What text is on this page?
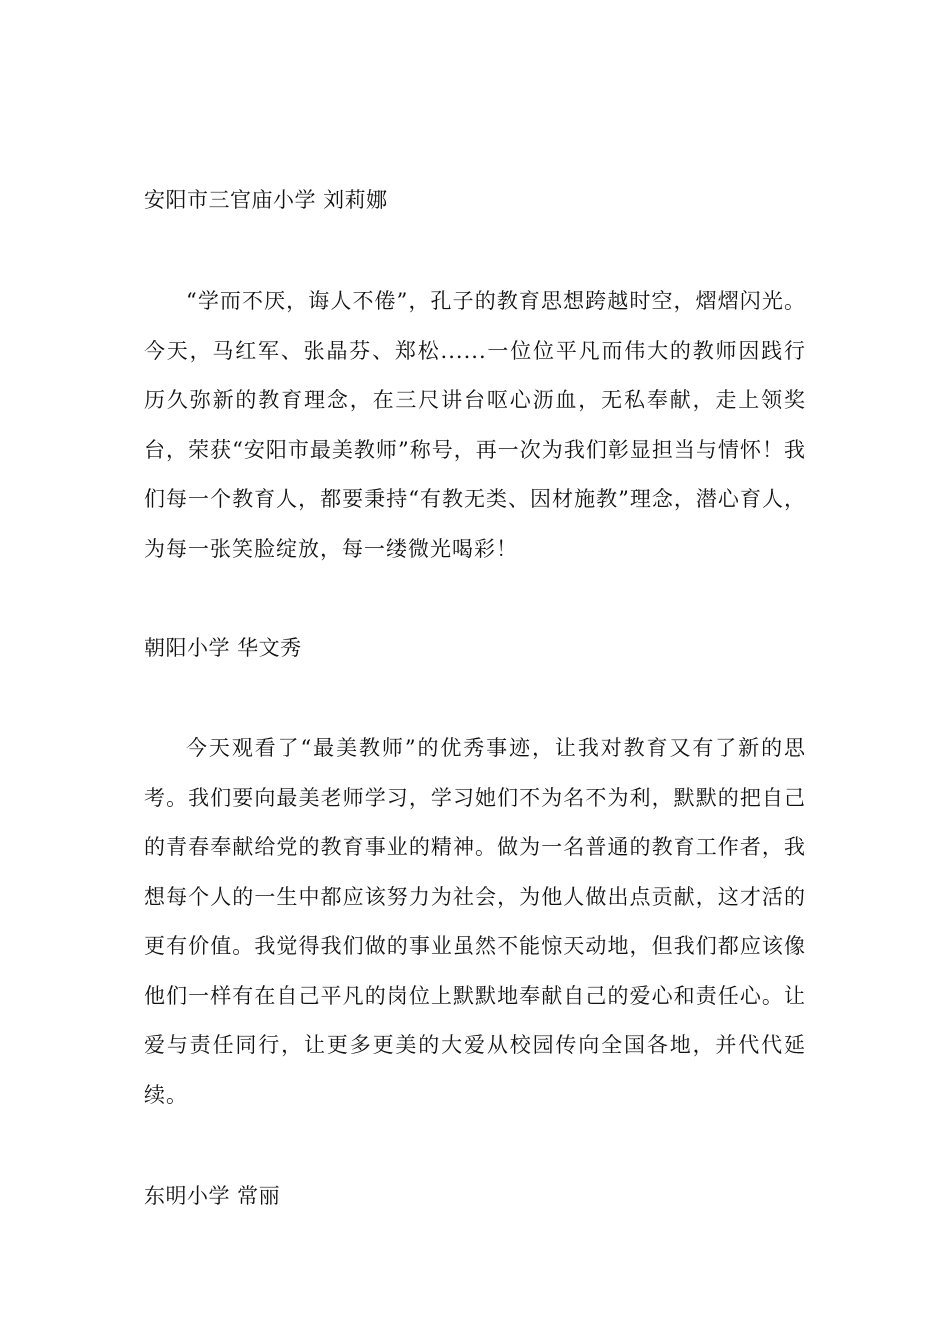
安阳市三官庙小学 刘莉娜

“学而不厌，诲人不倦”，孔子的教育思想跨越时空，熠熠闪光。今天，马红军、张晶芬、郑松......一位位平凡而伟大的教师因践行历久弥新的教育理念，在三尺讲台呕心沥血，无私奉献，走上领奖台，荣获“安阳市最美教师”称号，再一次为我们彰显担当与情怀！我们每一个教育人，都要秉持“有教无类、因材施教”理念，潜心育人，为每一张笑脸绽放，每一缕微光喝彩！

朝阳小学 华文秀

今天观看了“最美教师”的优秀事迹，让我对教育又有了新的思考。我们要向最美老师学习，学习她们不为名不为利，默默的把自己的青春奉献给党的教育事业的精神。做为一名普通的教育工作者，我想每个人的一生中都应该努力为社会，为他人做出点贡献，这才活的更有价值。我觉得我们做的事业虽然不能惊天动地，但我们都应该像他们一样有在自己平凡的岗位上默默地奉献自己的爱心和责任心。让爱与责任同行，让更多更美的大爱从校园传向全国各地，并代代延续。

东明小学 常丽
